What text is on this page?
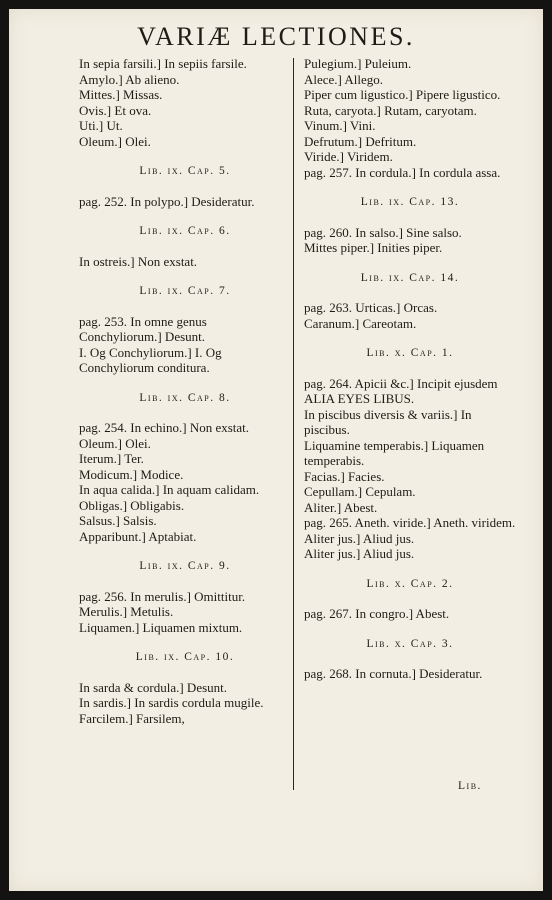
VARIÆ LECTIONES.
In sepia farsili.] In sepiis farsile.
Amylo.] Ab alieno.
Mittes.] Missas.
Ovis.] Et ova.
Uti.] Ut.
Oleum.] Olei.
Lib. ix. Cap. 5.
pag. 252. In polypo.] Desideratur.
Lib. ix. Cap. 6.
In ostreis.] Non exstat.
Lib. ix. Cap. 7.
pag. 253. In omne genus Conchyliorum.] Desunt.
I. Og Conchyliorum.] I. Og Conchyliorum conditura.
Lib. ix. Cap. 8.
pag. 254. In echino.] Non exstat.
Oleum.] Olei.
Iterum.] Ter.
Modicum.] Modice.
In aqua calida.] In aquam calidam.
Obligas.] Obligabis.
Salsus.] Salsis.
Apparibunt.] Aptabiat.
Lib. ix. Cap. 9.
pag. 256. In merulis.] Omittitur.
Merulis.] Metulis.
Liquamen.] Liquamen mixtum.
Lib. ix. Cap. 10.
In sarda & cordula.] Desunt.
In sardis.] In sardis cordula mugile.
Farcilem.] Farsilem,
Pulegium.] Puleium.
Alece.] Allego.
Piper cum ligustico.] Pipere ligustico.
Ruta, caryota.] Rutam, caryotam.
Vinum.] Vini.
Defrutum.] Defritum.
Viride.] Viridem.
pag. 257. In cordula.] In cordula assa.
Lib. ix. Cap. 13.
pag. 260. In salso.] Sine salso.
Mittes piper.] Inities piper.
Lib. ix. Cap. 14.
pag. 263. Urticas.] Orcas.
Caranum.] Careotam.
Lib. x. Cap. 1.
pag. 264. Apicii &c.] Incipit ejusdem ALIA EYES LIBUS.
In piscibus diversis & variis.] In piscibus.
Liquamine temperabis.] Liquamen temperabis.
Facias.] Facies.
Cepullam.] Cepulam.
Aliter.] Abest.
pag. 265. Aneth. viride.] Aneth. viridem.
Aliter jus.] Aliud jus.
Aliter jus.] Aliud jus.
Lib. x. Cap. 2.
pag. 267. In congro.] Abest.
Lib. x. Cap. 3.
pag. 268. In cornuta.] Desideratur.
Lib.
